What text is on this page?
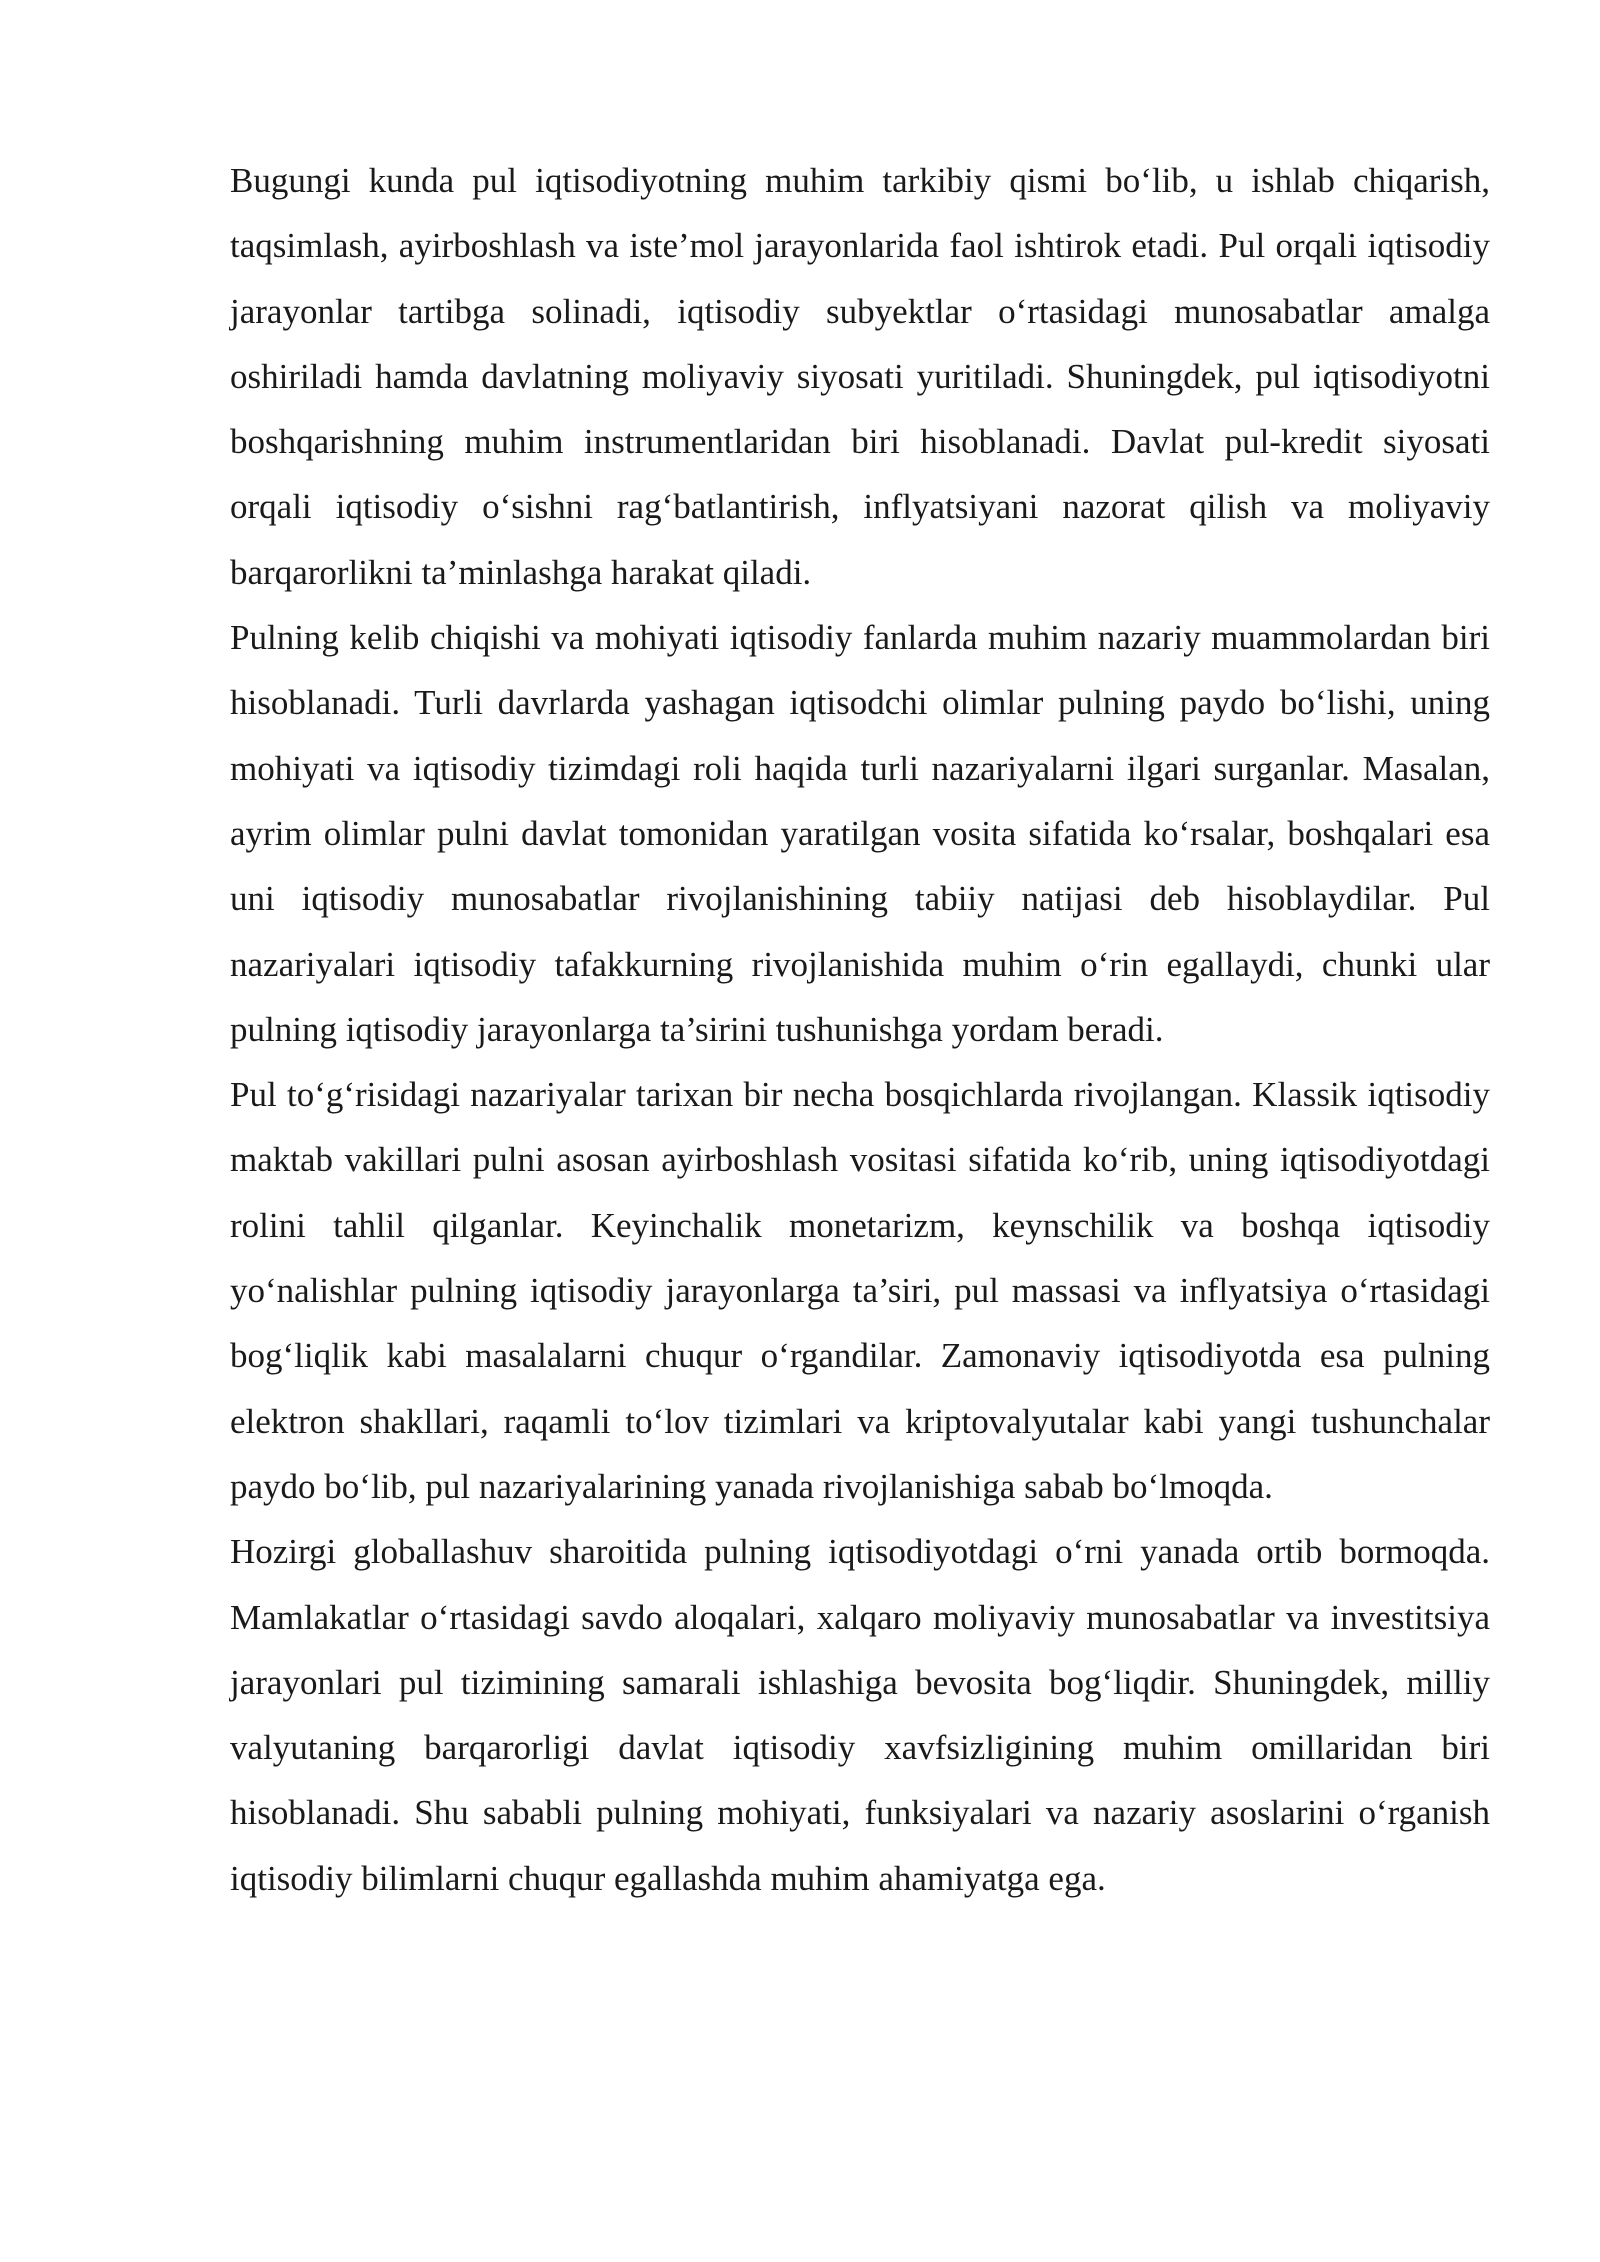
Bugungi kunda pul iqtisodiyotning muhim tarkibiy qismi bo‘lib, u ishlab chiqarish, taqsimlash, ayirboshlash va iste’mol jarayonlarida faol ishtirok etadi. Pul orqali iqtisodiy jarayonlar tartibga solinadi, iqtisodiy subyektlar o‘rtasidagi munosabatlar amalga oshiriladi hamda davlatning moliyaviy siyosati yuritiladi. Shuningdek, pul iqtisodiyotni boshqarishning muhim instrumentlaridan biri hisoblanadi. Davlat pul-kredit siyosati orqali iqtisodiy o‘sishni rag‘batlantirish, inflyatsiyani nazorat qilish va moliyaviy barqarorlikni ta’minlashga harakat qiladi.

Pulning kelib chiqishi va mohiyati iqtisodiy fanlarda muhim nazariy muammolardan biri hisoblanadi. Turli davrlarda yashagan iqtisodchi olimlar pulning paydo bo‘lishi, uning mohiyati va iqtisodiy tizimdagi roli haqida turli nazariyalarni ilgari surganlar. Masalan, ayrim olimlar pulni davlat tomonidan yaratilgan vosita sifatida ko‘rsalar, boshqalari esa uni iqtisodiy munosabatlar rivojlanishining tabiiy natijasi deb hisoblaydilar. Pul nazariyalari iqtisodiy tafakkurning rivojlanishida muhim o‘rin egallaydi, chunki ular pulning iqtisodiy jarayonlarga ta’sirini tushunishga yordam beradi.

Pul to‘g‘risidagi nazariyalar tarixan bir necha bosqichlarda rivojlangan. Klassik iqtisodiy maktab vakillari pulni asosan ayirboshlash vositasi sifatida ko‘rib, uning iqtisodiyotdagi rolini tahlil qilganlar. Keyinchalik monetarizm, keynschilik va boshqa iqtisodiy yo‘nalishlar pulning iqtisodiy jarayonlarga ta’siri, pul massasi va inflyatsiya o‘rtasidagi bog‘liqlik kabi masalalarni chuqur o‘rgandilar. Zamonaviy iqtisodiyotda esa pulning elektron shakllari, raqamli to‘lov tizimlari va kriptovalyutalar kabi yangi tushunchalar paydo bo‘lib, pul nazariyalarining yanada rivojlanishiga sabab bo‘lmoqda.

Hozirgi globallashuv sharoitida pulning iqtisodiyotdagi o‘rni yanada ortib bormoqda. Mamlakatlar o‘rtasidagi savdo aloqalari, xalqaro moliyaviy munosabatlar va investitsiya jarayonlari pul tizimining samarali ishlashiga bevosita bog‘liqdir. Shuningdek, milliy valyutaning barqarorligi davlat iqtisodiy xavfsizligining muhim omillaridan biri hisoblanadi. Shu sababli pulning mohiyati, funksiyalari va nazariy asoslarini o‘rganish iqtisodiy bilimlarni chuqur egallashda muhim ahamiyatga ega.
